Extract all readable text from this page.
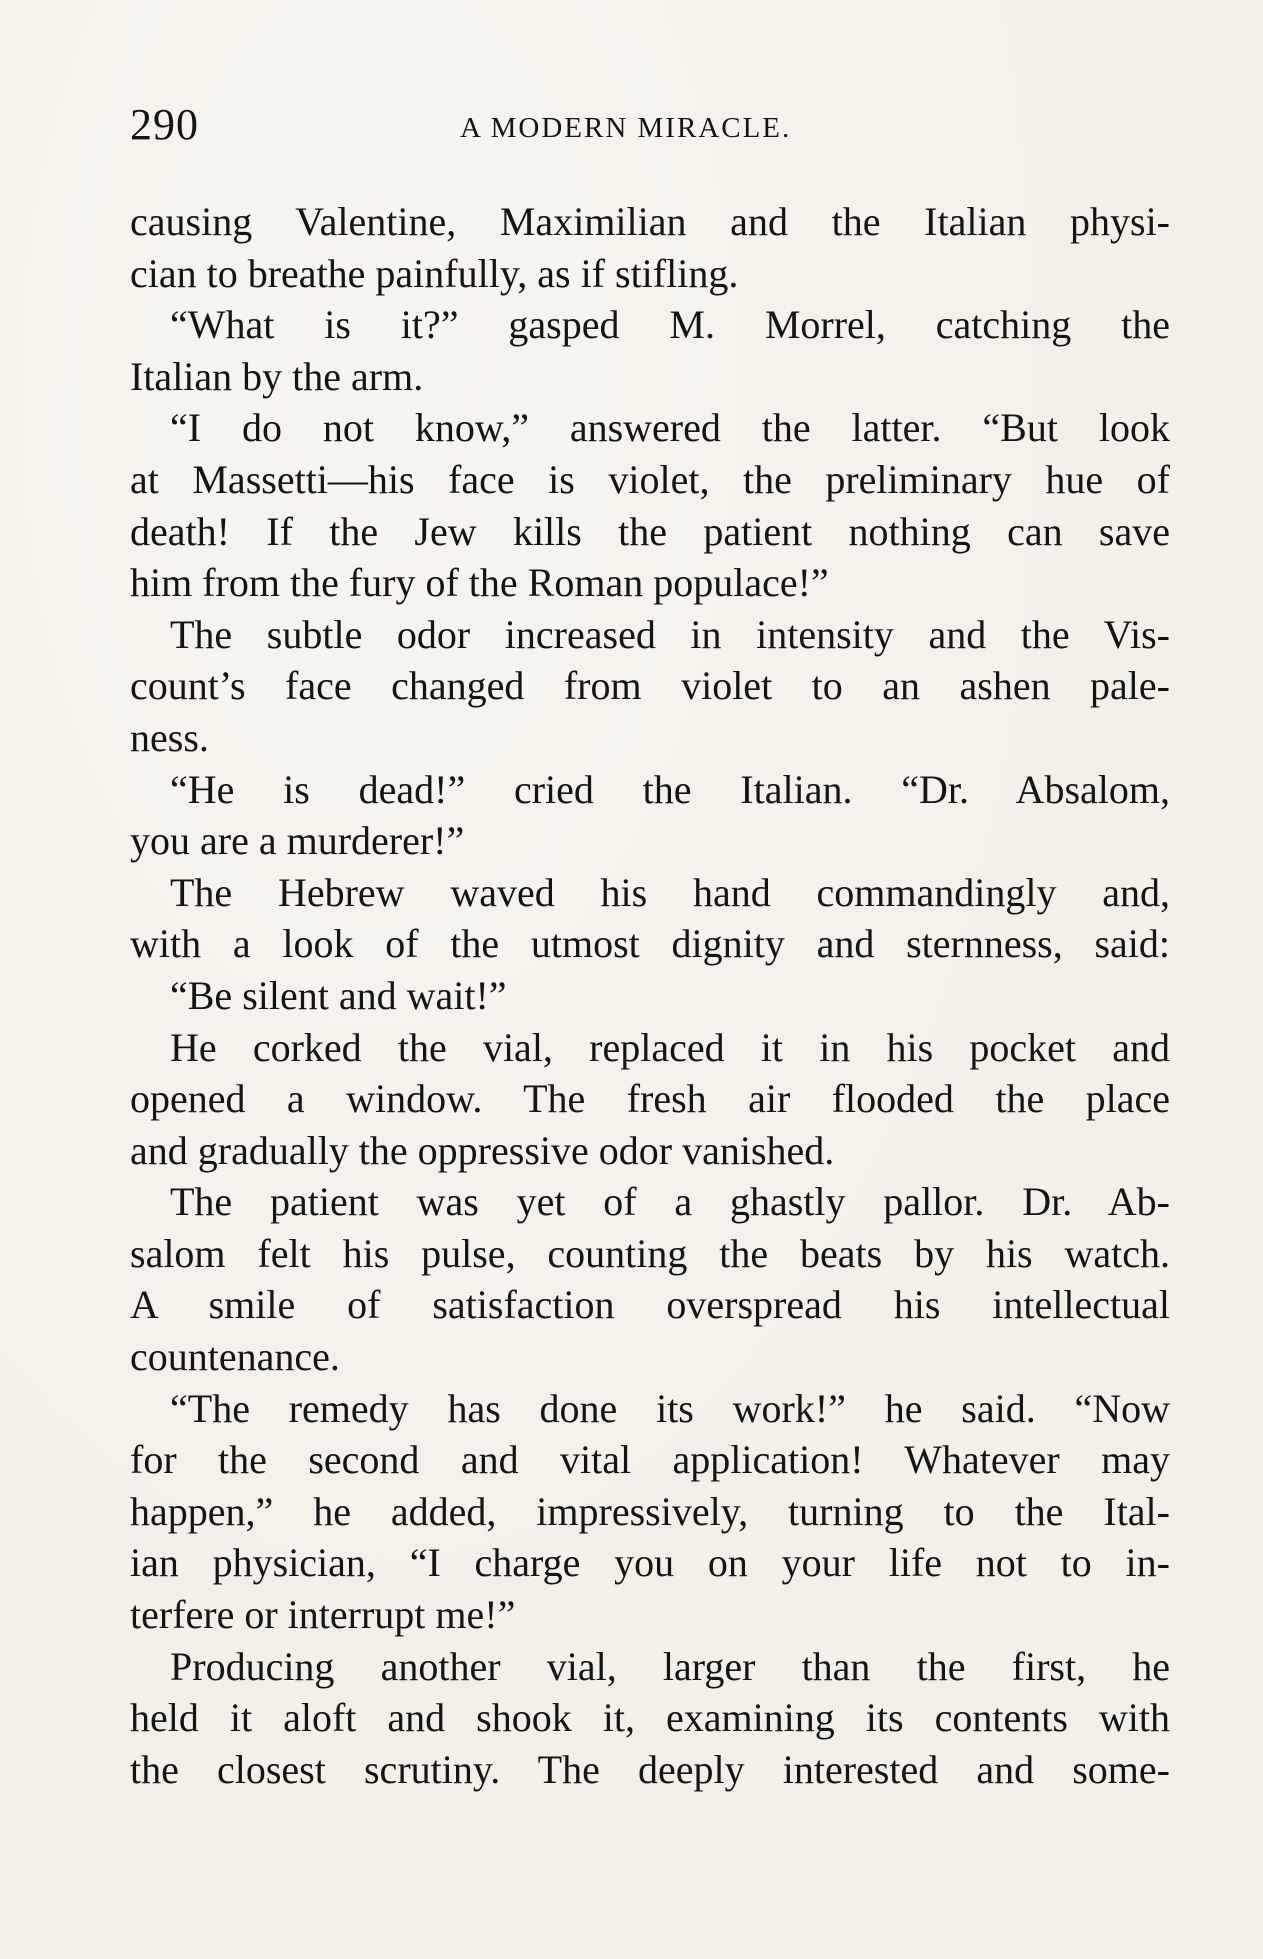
290	A MODERN MIRACLE.
causing Valentine, Maximilian and the Italian physi-
cian to breathe painfully, as if stifling.
“What is it?” gasped M. Morrel, catching the
Italian by the arm.
“I do not know,” answered the latter. “But look
at Massetti—his face is violet, the preliminary hue of
death! If the Jew kills the patient nothing can save
him from the fury of the Roman populace!”
The subtle odor increased in intensity and the Vis-
count’s face changed from violet to an ashen pale-
ness.
“He is dead!” cried the Italian. “Dr. Absalom,
you are a murderer!”
The Hebrew waved his hand commandingly and,
with a look of the utmost dignity and sternness, said:
“Be silent and wait!”
He corked the vial, replaced it in his pocket and
opened a window. The fresh air flooded the place
and gradually the oppressive odor vanished.
The patient was yet of a ghastly pallor. Dr. Ab-
salom felt his pulse, counting the beats by his watch.
A smile of satisfaction overspread his intellectual
countenance.
“The remedy has done its work!” he said. “Now
for the second and vital application! Whatever may
happen,” he added, impressively, turning to the Ital-
ian physician, “I charge you on your life not to in-
terfere or interrupt me!”
Producing another vial, larger than the first, he
held it aloft and shook it, examining its contents with
the closest scrutiny. The deeply interested and some-
